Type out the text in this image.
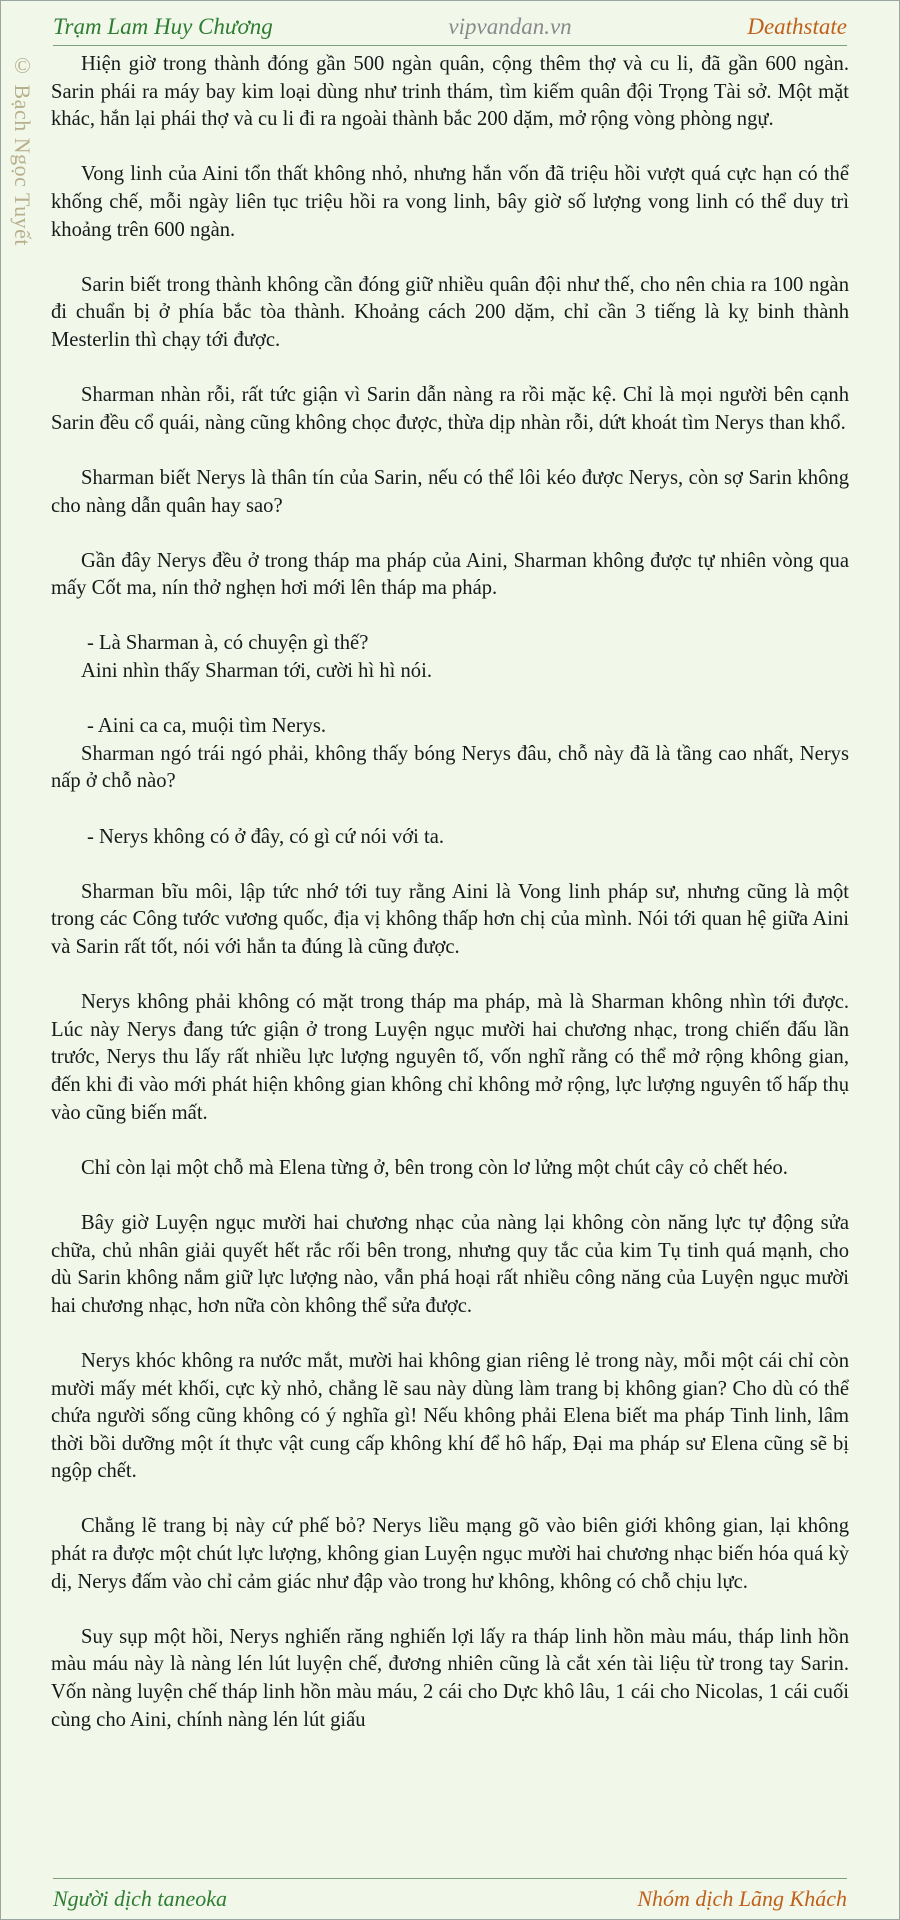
Trạm Lam Huy Chương	vipvandan.vn	Deathstate
© Bạch Ngọc Tuyết	Hiện giờ trong thành đóng gần 500 ngàn quân, cộng thêm thợ và cu li, đã gần 600 ngàn. Sarin phái ra máy bay kim loại dùng như trinh thám, tìm kiếm quân đội Trọng Tài sở. Một mặt khác, hắn lại phái thợ và cu li đi ra ngoài thành bắc 200 dặm, mở rộng vòng phòng ngự.

Vong linh của Aini tổn thất không nhỏ, nhưng hắn vốn đã triệu hồi vượt quá cực hạn có thể khống chế, mỗi ngày liên tục triệu hồi ra vong linh, bây giờ số lượng vong linh có thể duy trì khoảng trên 600 ngàn.

Sarin biết trong thành không cần đóng giữ nhiều quân đội như thế, cho nên chia ra 100 ngàn đi chuẩn bị ở phía bắc tòa thành. Khoảng cách 200 dặm, chỉ cần 3 tiếng là kỵ binh thành Mesterlin thì chạy tới được.

Sharman nhàn rỗi, rất tức giận vì Sarin dẫn nàng ra rồi mặc kệ. Chỉ là mọi người bên cạnh Sarin đều cổ quái, nàng cũng không chọc được, thừa dịp nhàn rỗi, dứt khoát tìm Nerys than khổ.

Sharman biết Nerys là thân tín của Sarin, nếu có thể lôi kéo được Nerys, còn sợ Sarin không cho nàng dẫn quân hay sao?

Gần đây Nerys đều ở trong tháp ma pháp của Aini, Sharman không được tự nhiên vòng qua mấy Cốt ma, nín thở nghẹn hơi mới lên tháp ma pháp.

- Là Sharman à, có chuyện gì thế?

Aini nhìn thấy Sharman tới, cười hì hì nói.

- Aini ca ca, muội tìm Nerys.

Sharman ngó trái ngó phải, không thấy bóng Nerys đâu, chỗ này đã là tầng cao nhất, Nerys nấp ở chỗ nào?

- Nerys không có ở đây, có gì cứ nói với ta.

Sharman bĩu môi, lập tức nhớ tới tuy rằng Aini là Vong linh pháp sư, nhưng cũng là một trong các Công tước vương quốc, địa vị không thấp hơn chị của mình. Nói tới quan hệ giữa Aini và Sarin rất tốt, nói với hắn ta đúng là cũng được.

Nerys không phải không có mặt trong tháp ma pháp, mà là Sharman không nhìn tới được. Lúc này Nerys đang tức giận ở trong Luyện ngục mười hai chương nhạc, trong chiến đấu lần trước, Nerys thu lấy rất nhiều lực lượng nguyên tố, vốn nghĩ rằng có thể mở rộng không gian, đến khi đi vào mới phát hiện không gian không chỉ không mở rộng, lực lượng nguyên tố hấp thụ vào cũng biến mất.

Chỉ còn lại một chỗ mà Elena từng ở, bên trong còn lơ lửng một chút cây cỏ chết héo.

Bây giờ Luyện ngục mười hai chương nhạc của nàng lại không còn năng lực tự động sửa chữa, chủ nhân giải quyết hết rắc rối bên trong, nhưng quy tắc của kim Tụ tinh quá mạnh, cho dù Sarin không nắm giữ lực lượng nào, vẫn phá hoại rất nhiều công năng của Luyện ngục mười hai chương nhạc, hơn nữa còn không thể sửa được.

Nerys khóc không ra nước mắt, mười hai không gian riêng lẻ trong này, mỗi một cái chỉ còn mười mấy mét khối, cực kỳ nhỏ, chẳng lẽ sau này dùng làm trang bị không gian? Cho dù có thể chứa người sống cũng không có ý nghĩa gì! Nếu không phải Elena biết ma pháp Tinh linh, lâm thời bồi dưỡng một ít thực vật cung cấp không khí để hô hấp, Đại ma pháp sư Elena cũng sẽ bị ngộp chết.

Chẳng lẽ trang bị này cứ phế bỏ? Nerys liều mạng gõ vào biên giới không gian, lại không phát ra được một chút lực lượng, không gian Luyện ngục mười hai chương nhạc biến hóa quá kỳ dị, Nerys đấm vào chỉ cảm giác như đập vào trong hư không, không có chỗ chịu lực.

Suy sụp một hồi, Nerys nghiến răng nghiến lợi lấy ra tháp linh hồn màu máu, tháp linh hồn màu máu này là nàng lén lút luyện chế, đương nhiên cũng là cắt xén tài liệu từ trong tay Sarin. Vốn nàng luyện chế tháp linh hồn màu máu, 2 cái cho Dực khô lâu, 1 cái cho Nicolas, 1 cái cuối cùng cho Aini, chính nàng lén lút giấu

Người dịch taneoka	Nhóm dịch Lãng Khách
